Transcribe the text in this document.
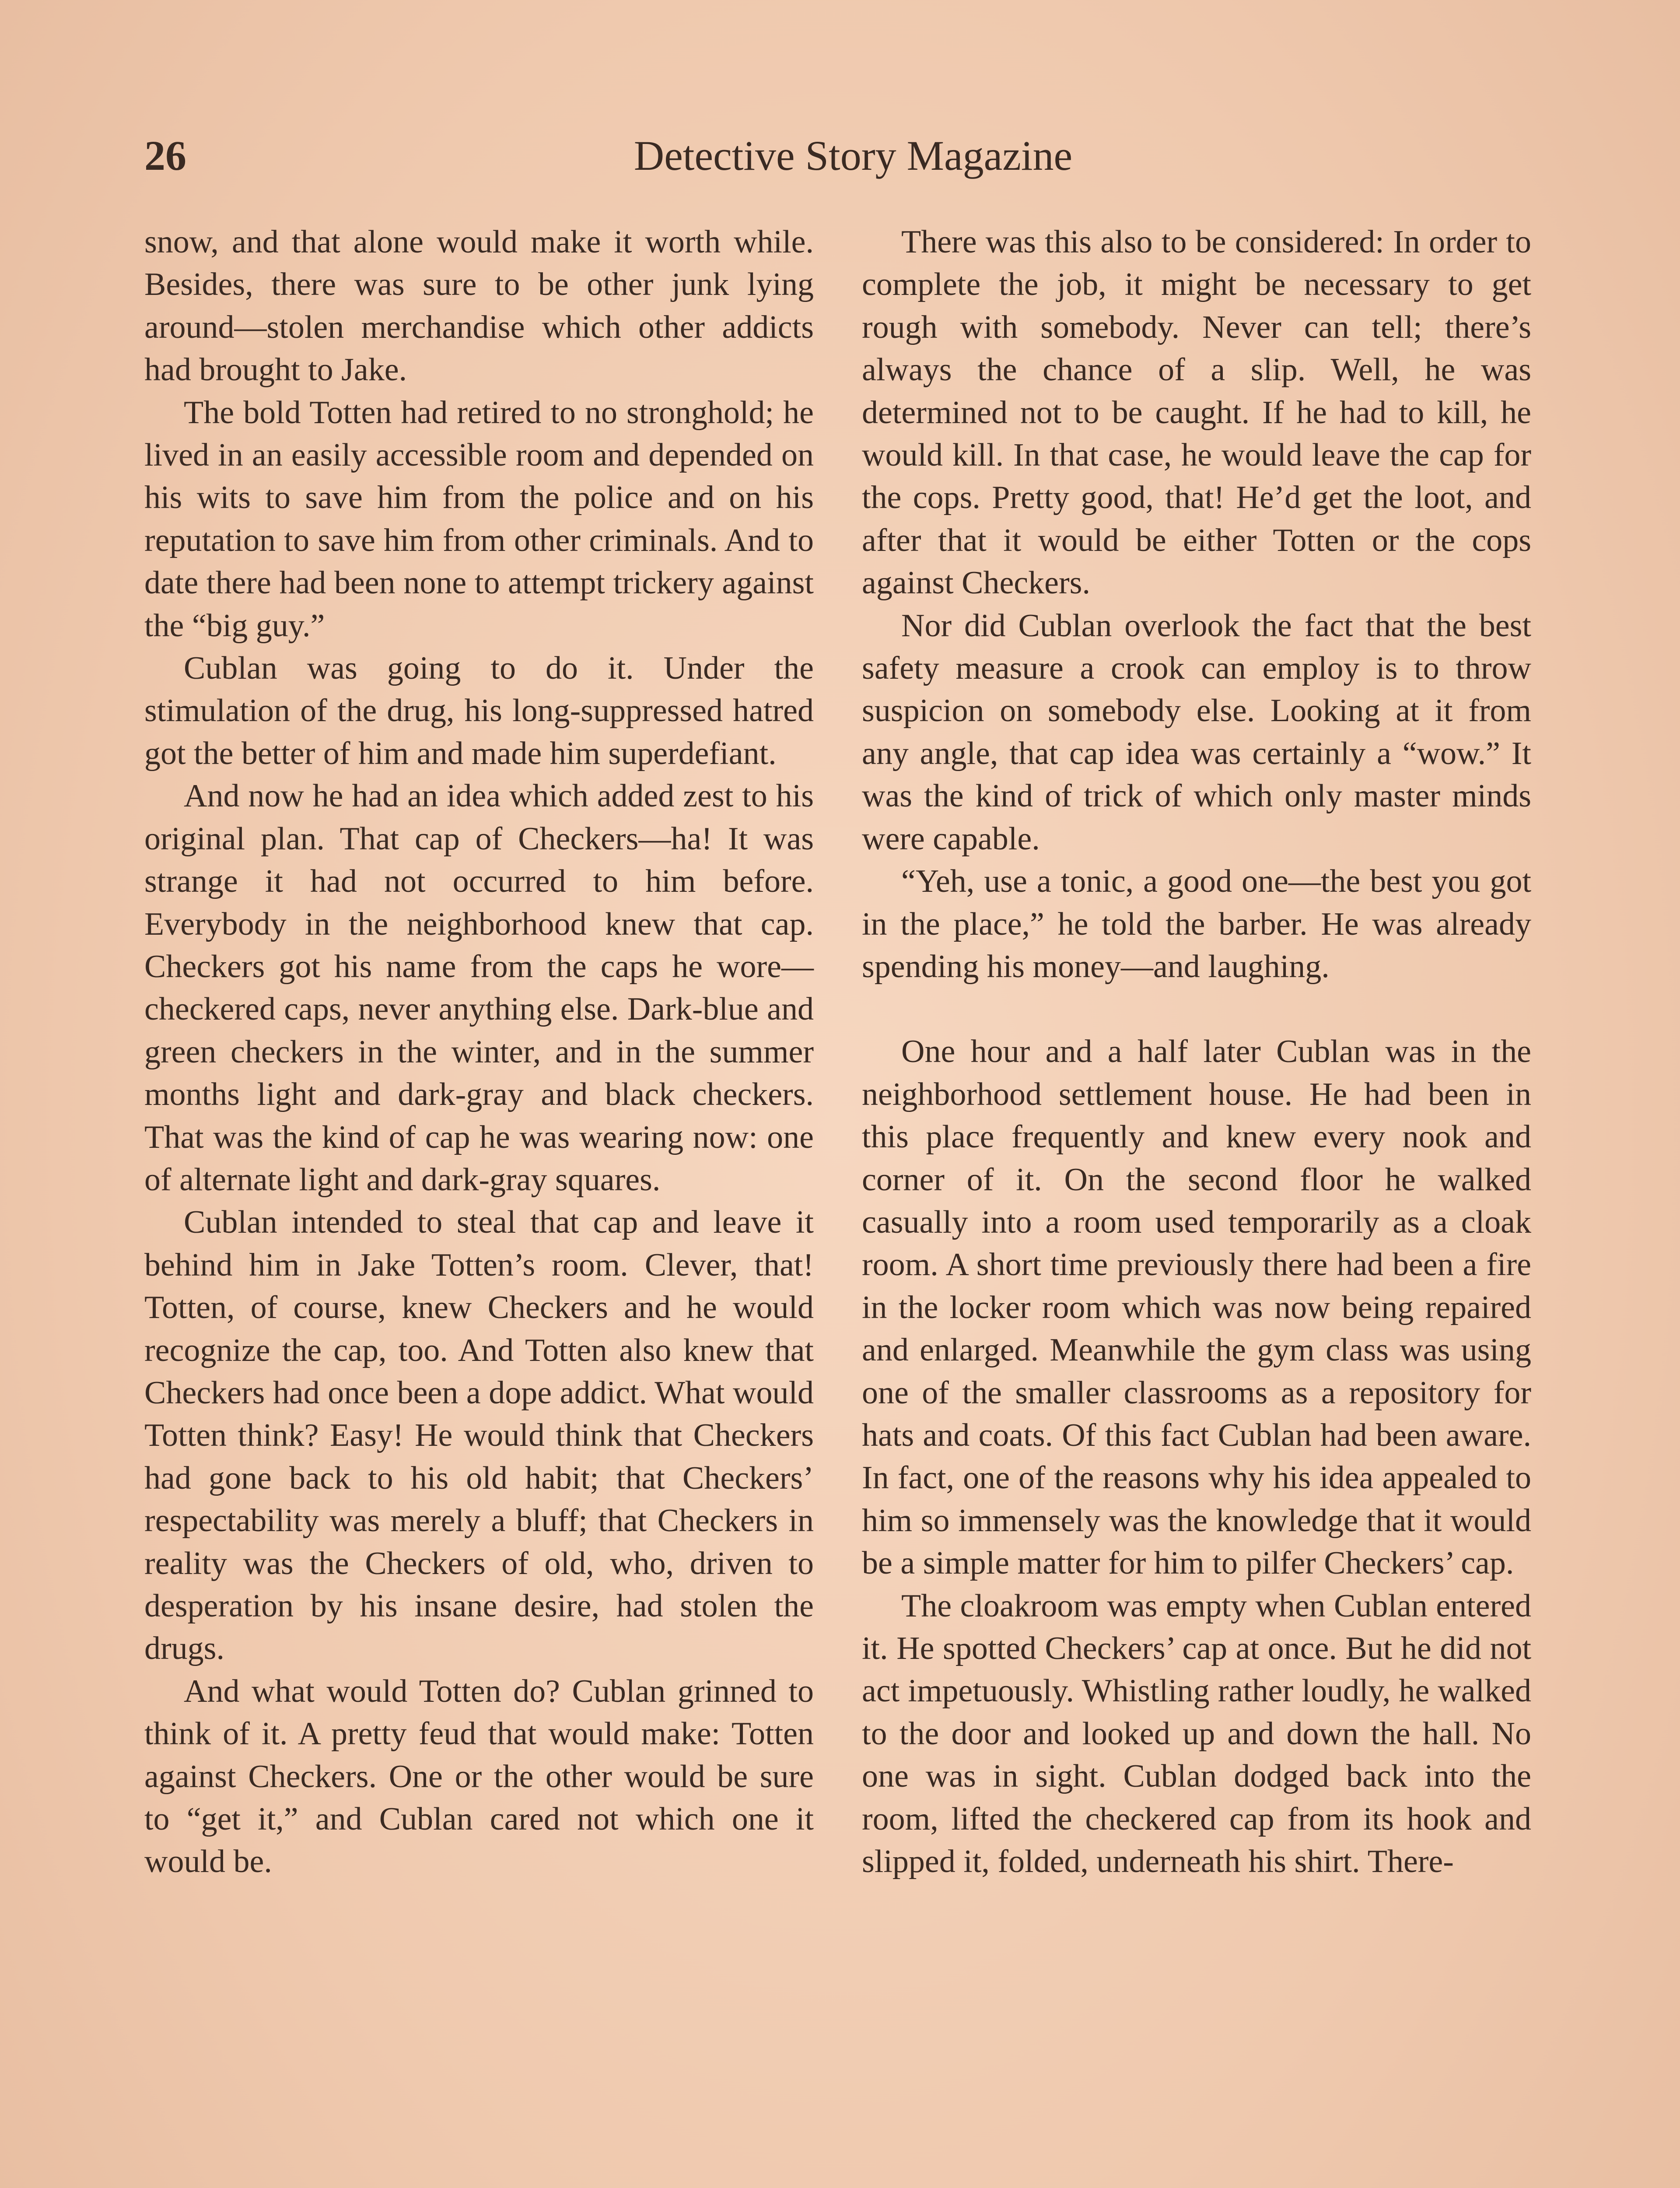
26	Detective Story Magazine

snow, and that alone would make it worth while. Besides, there was sure to be other junk lying around—stolen merchandise which other addicts had brought to Jake.

The bold Totten had retired to no stronghold; he lived in an easily accessible room and depended on his wits to save him from the police and on his reputation to save him from other criminals. And to date there had been none to attempt trickery against the “big guy.”

Cublan was going to do it. Under the stimulation of the drug, his long-suppressed hatred got the better of him and made him superdefiant.

And now he had an idea which added zest to his original plan. That cap of Checkers—ha! It was strange it had not occurred to him before. Everybody in the neighborhood knew that cap. Checkers got his name from the caps he wore—checkered caps, never anything else. Dark-blue and green checkers in the winter, and in the summer months light and dark-gray and black checkers. That was the kind of cap he was wearing now: one of alternate light and dark-gray squares.

Cublan intended to steal that cap and leave it behind him in Jake Totten’s room. Clever, that! Totten, of course, knew Checkers and he would recognize the cap, too. And Totten also knew that Checkers had once been a dope addict. What would Totten think? Easy! He would think that Checkers had gone back to his old habit; that Checkers’ respectability was merely a bluff; that Checkers in reality was the Checkers of old, who, driven to desperation by his insane desire, had stolen the drugs.

And what would Totten do? Cublan grinned to think of it. A pretty feud that would make: Totten against Checkers. One or the other would be sure to “get it,” and Cublan cared not which one it would be.

There was this also to be considered: In order to complete the job, it might be necessary to get rough with somebody. Never can tell; there’s always the chance of a slip. Well, he was determined not to be caught. If he had to kill, he would kill. In that case, he would leave the cap for the cops. Pretty good, that! He’d get the loot, and after that it would be either Totten or the cops against Checkers.

Nor did Cublan overlook the fact that the best safety measure a crook can employ is to throw suspicion on somebody else. Looking at it from any angle, that cap idea was certainly a “wow.” It was the kind of trick of which only master minds were capable.

“Yeh, use a tonic, a good one—the best you got in the place,” he told the barber. He was already spending his money—and laughing.

One hour and a half later Cublan was in the neighborhood settlement house. He had been in this place frequently and knew every nook and corner of it. On the second floor he walked casually into a room used temporarily as a cloak room. A short time previously there had been a fire in the locker room which was now being repaired and enlarged. Meanwhile the gym class was using one of the smaller classrooms as a repository for hats and coats. Of this fact Cublan had been aware. In fact, one of the reasons why his idea appealed to him so immensely was the knowledge that it would be a simple matter for him to pilfer Checkers’ cap.

The cloakroom was empty when Cublan entered it. He spotted Checkers’ cap at once. But he did not act impetuously. Whistling rather loudly, he walked to the door and looked up and down the hall. No one was in sight. Cublan dodged back into the room, lifted the checkered cap from its hook and slipped it, folded, underneath his shirt. There-
